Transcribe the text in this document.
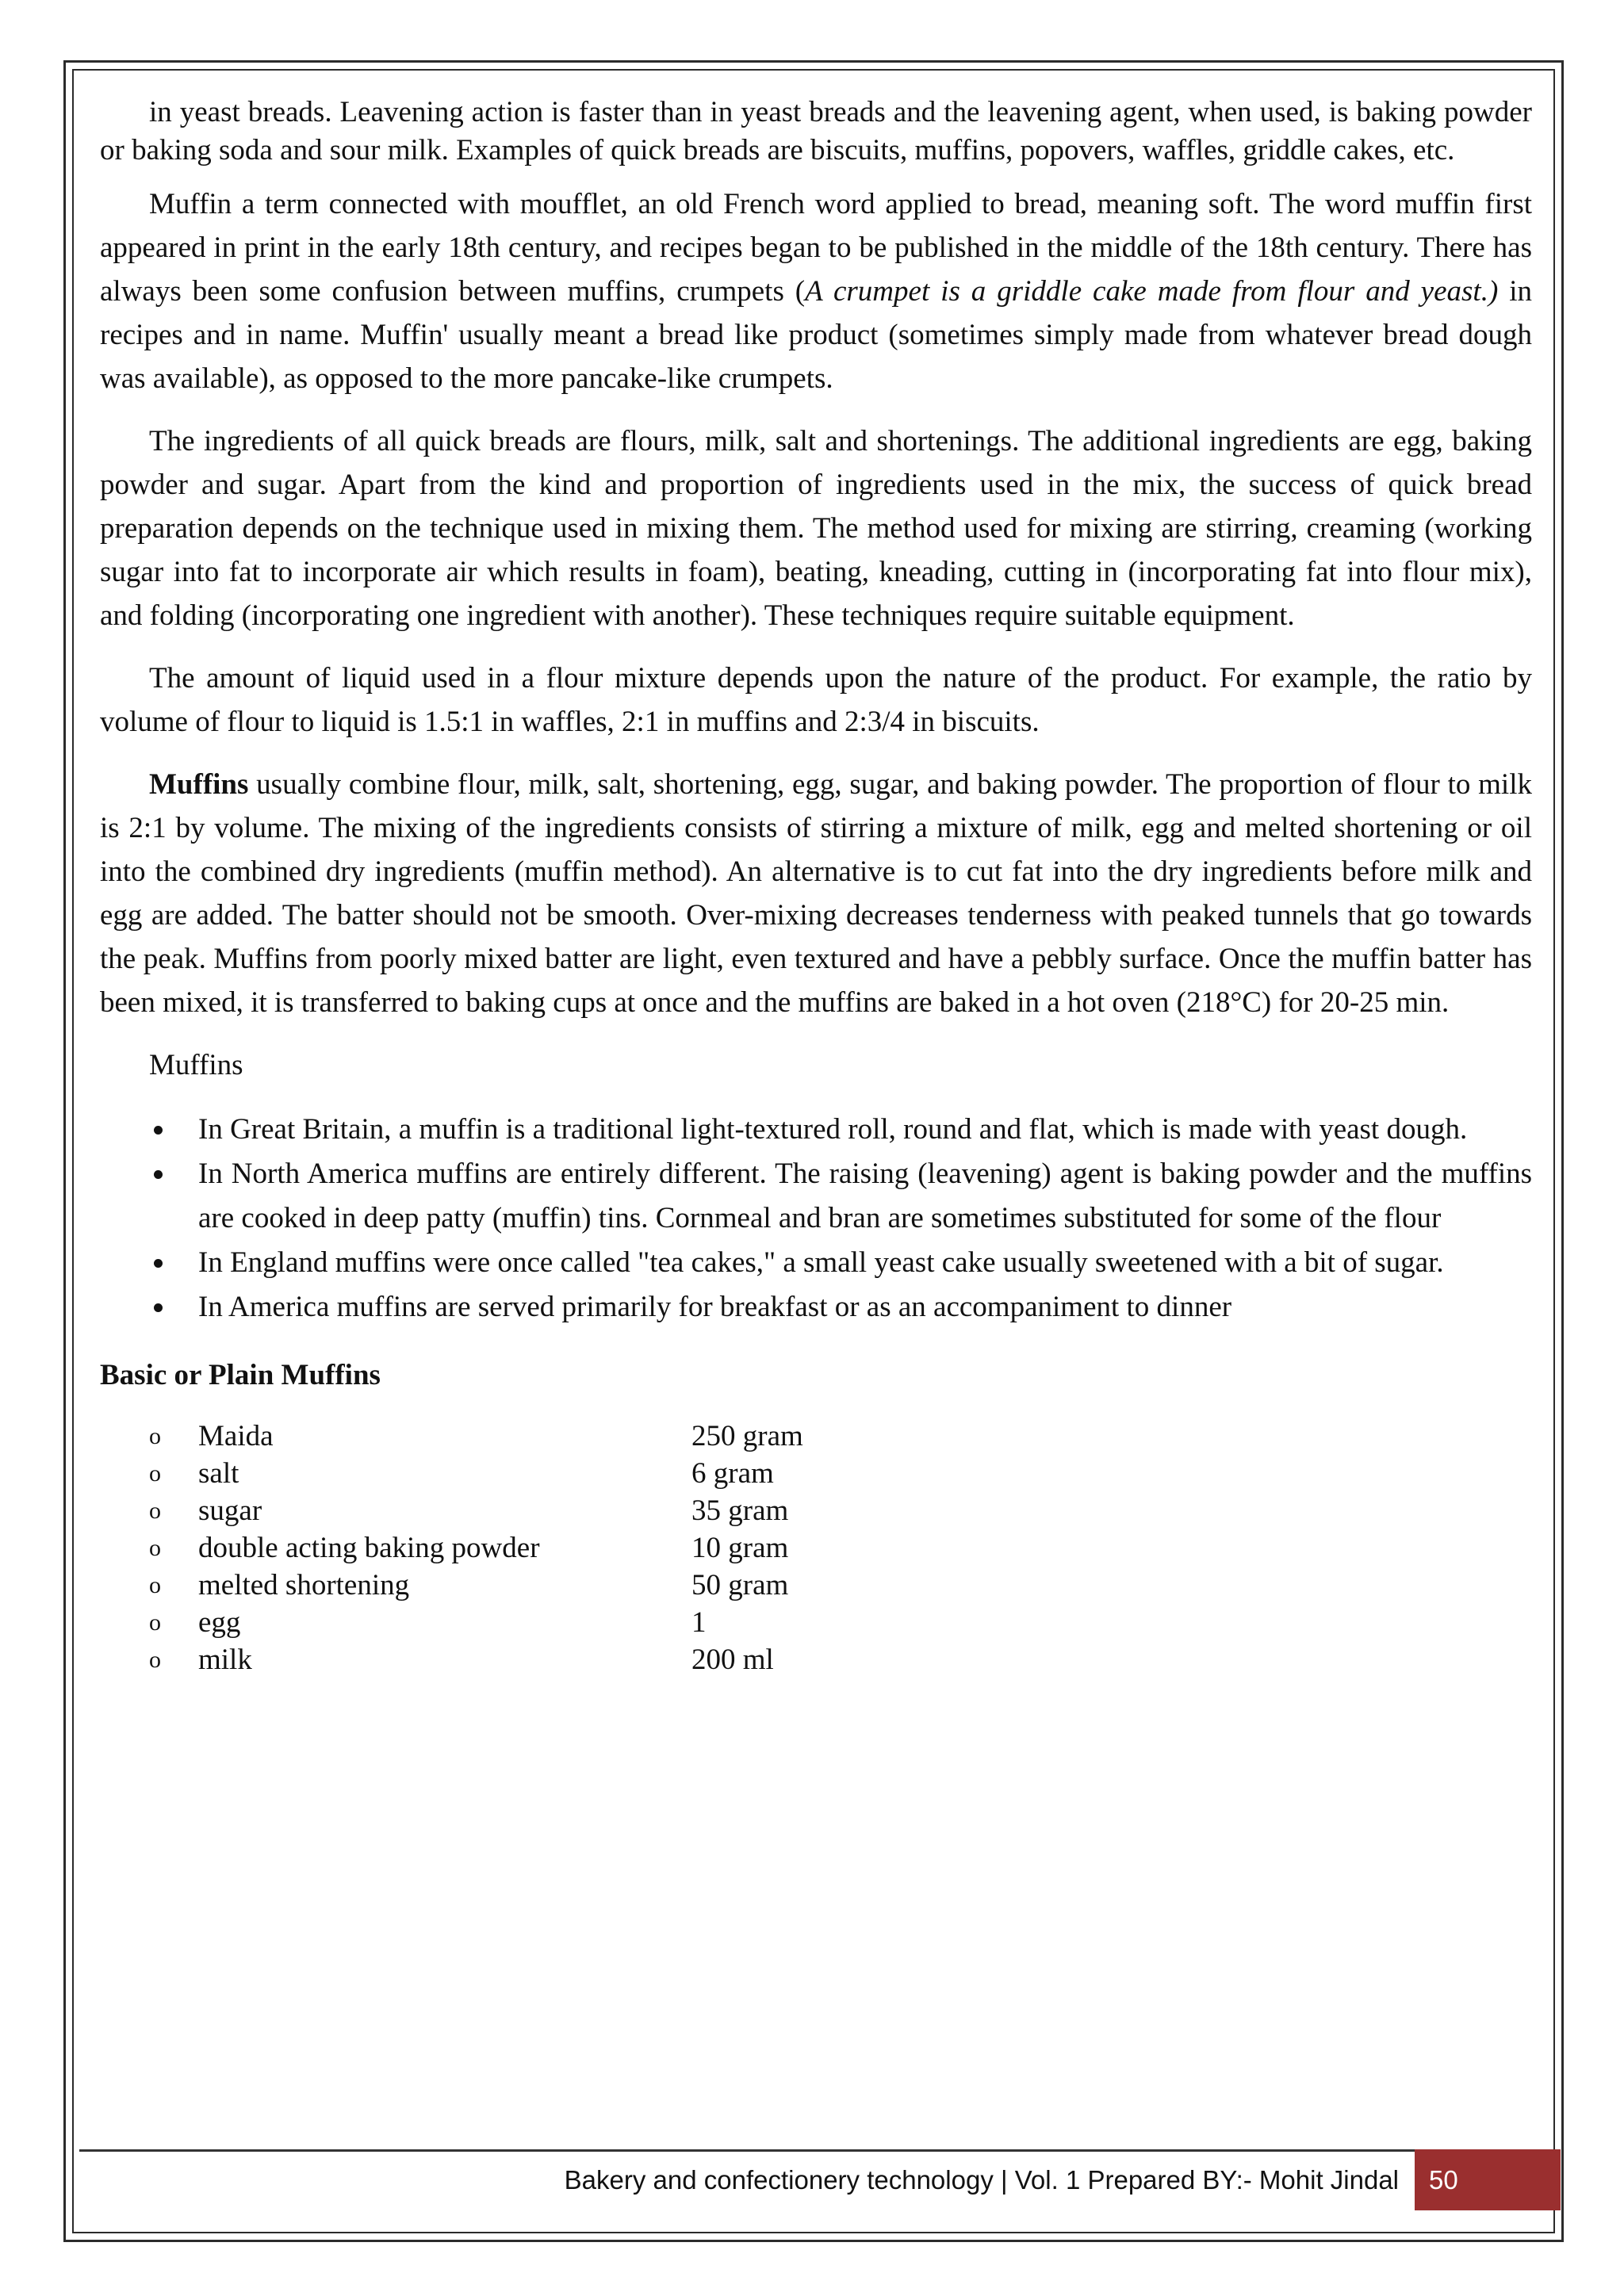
in yeast breads. Leavening action is faster than in yeast breads and the leavening agent, when used, is baking powder or baking soda and sour milk. Examples of quick breads are biscuits, muffins, popovers, waffles, griddle cakes, etc.

Muffin a term connected with moufflet, an old French word applied to bread, meaning soft. The word muffin first appeared in print in the early 18th century, and recipes began to be published in the middle of the 18th century. There has always been some confusion between muffins, crumpets (A crumpet is a griddle cake made from flour and yeast.) in recipes and in name. Muffin' usually meant a bread like product (sometimes simply made from whatever bread dough was available), as opposed to the more pancake-like crumpets.

The ingredients of all quick breads are flours, milk, salt and shortenings. The additional ingredients are egg, baking powder and sugar. Apart from the kind and proportion of ingredients used in the mix, the success of quick bread preparation depends on the technique used in mixing them. The method used for mixing are stirring, creaming (working sugar into fat to incorporate air which results in foam), beating, kneading, cutting in (incorporating fat into flour mix), and folding (incorporating one ingredient with another). These techniques require suitable equipment.

The amount of liquid used in a flour mixture depends upon the nature of the product. For example, the ratio by volume of flour to liquid is 1.5:1 in waffles, 2:1 in muffins and 2:3/4 in biscuits.

Muffins usually combine flour, milk, salt, shortening, egg, sugar, and baking powder. The proportion of flour to milk is 2:1 by volume. The mixing of the ingredients consists of stirring a mixture of milk, egg and melted shortening or oil into the combined dry ingredients (muffin method). An alternative is to cut fat into the dry ingredients before milk and egg are added. The batter should not be smooth. Over-mixing decreases tenderness with peaked tunnels that go towards the peak. Muffins from poorly mixed batter are light, even textured and have a pebbly surface. Once the muffin batter has been mixed, it is transferred to baking cups at once and the muffins are baked in a hot oven (218°C) for 20-25 min.

Muffins
In Great Britain, a muffin is a traditional light-textured roll, round and flat, which is made with yeast dough.
In North America muffins are entirely different. The raising (leavening) agent is baking powder and the muffins are cooked in deep patty (muffin) tins. Cornmeal and bran are sometimes substituted for some of the flour
In England muffins were once called "tea cakes," a small yeast cake usually sweetened with a bit of sugar.
In America muffins are served primarily for breakfast or as an accompaniment to dinner
Basic or Plain Muffins
o Maida	250 gram
o salt	6 gram
o sugar	35 gram
o double acting baking powder	10 gram
o melted shortening	50 gram
o egg	1
o milk	200 ml
Bakery and confectionery technology | Vol. 1 Prepared BY:- Mohit Jindal	50
